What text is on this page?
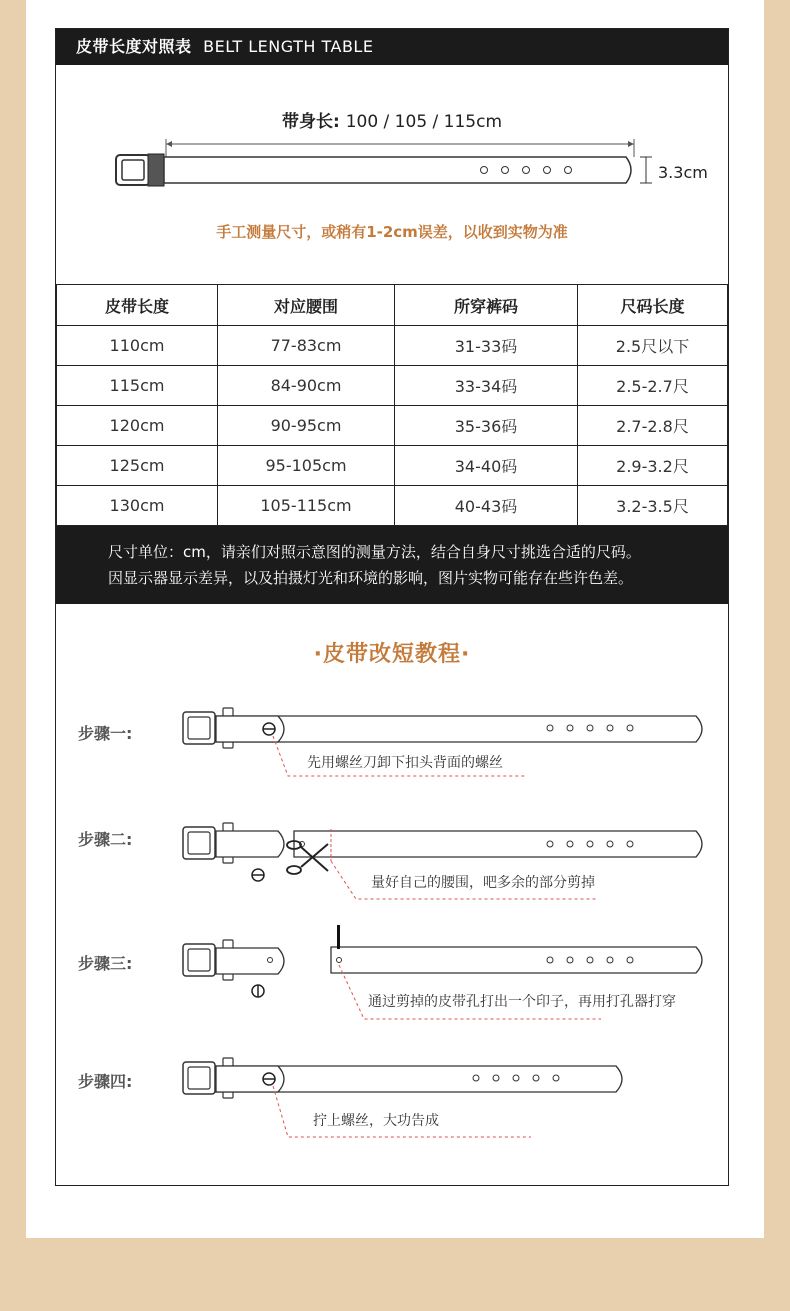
皮带长度对照表 BELT LENGTH TABLE
带身长: 100 / 105 / 115cm
3.3cm
手工测量尺寸，或稍有1-2cm误差，以收到实物为准
皮带长度	对应腰围	所穿裤码	尺码长度
110cm	77-83cm	31-33码	2.5尺以下
115cm	84-90cm	33-34码	2.5-2.7尺
120cm	90-95cm	35-36码	2.7-2.8尺
125cm	95-105cm	34-40码	2.9-3.2尺
130cm	105-115cm	40-43码	3.2-3.5尺
尺寸单位：cm，请亲们对照示意图的测量方法，结合自身尺寸挑选合适的尺码。
因显示器显示差异，以及拍摄灯光和环境的影响，图片实物可能存在些许色差。
·皮带改短教程·
步骤一:
步骤二:
步骤三:
步骤四:
先用螺丝刀卸下扣头背面的螺丝
量好自己的腰围，吧多余的部分剪掉
通过剪掉的皮带孔打出一个印子，再用打孔器打穿
拧上螺丝，大功告成
